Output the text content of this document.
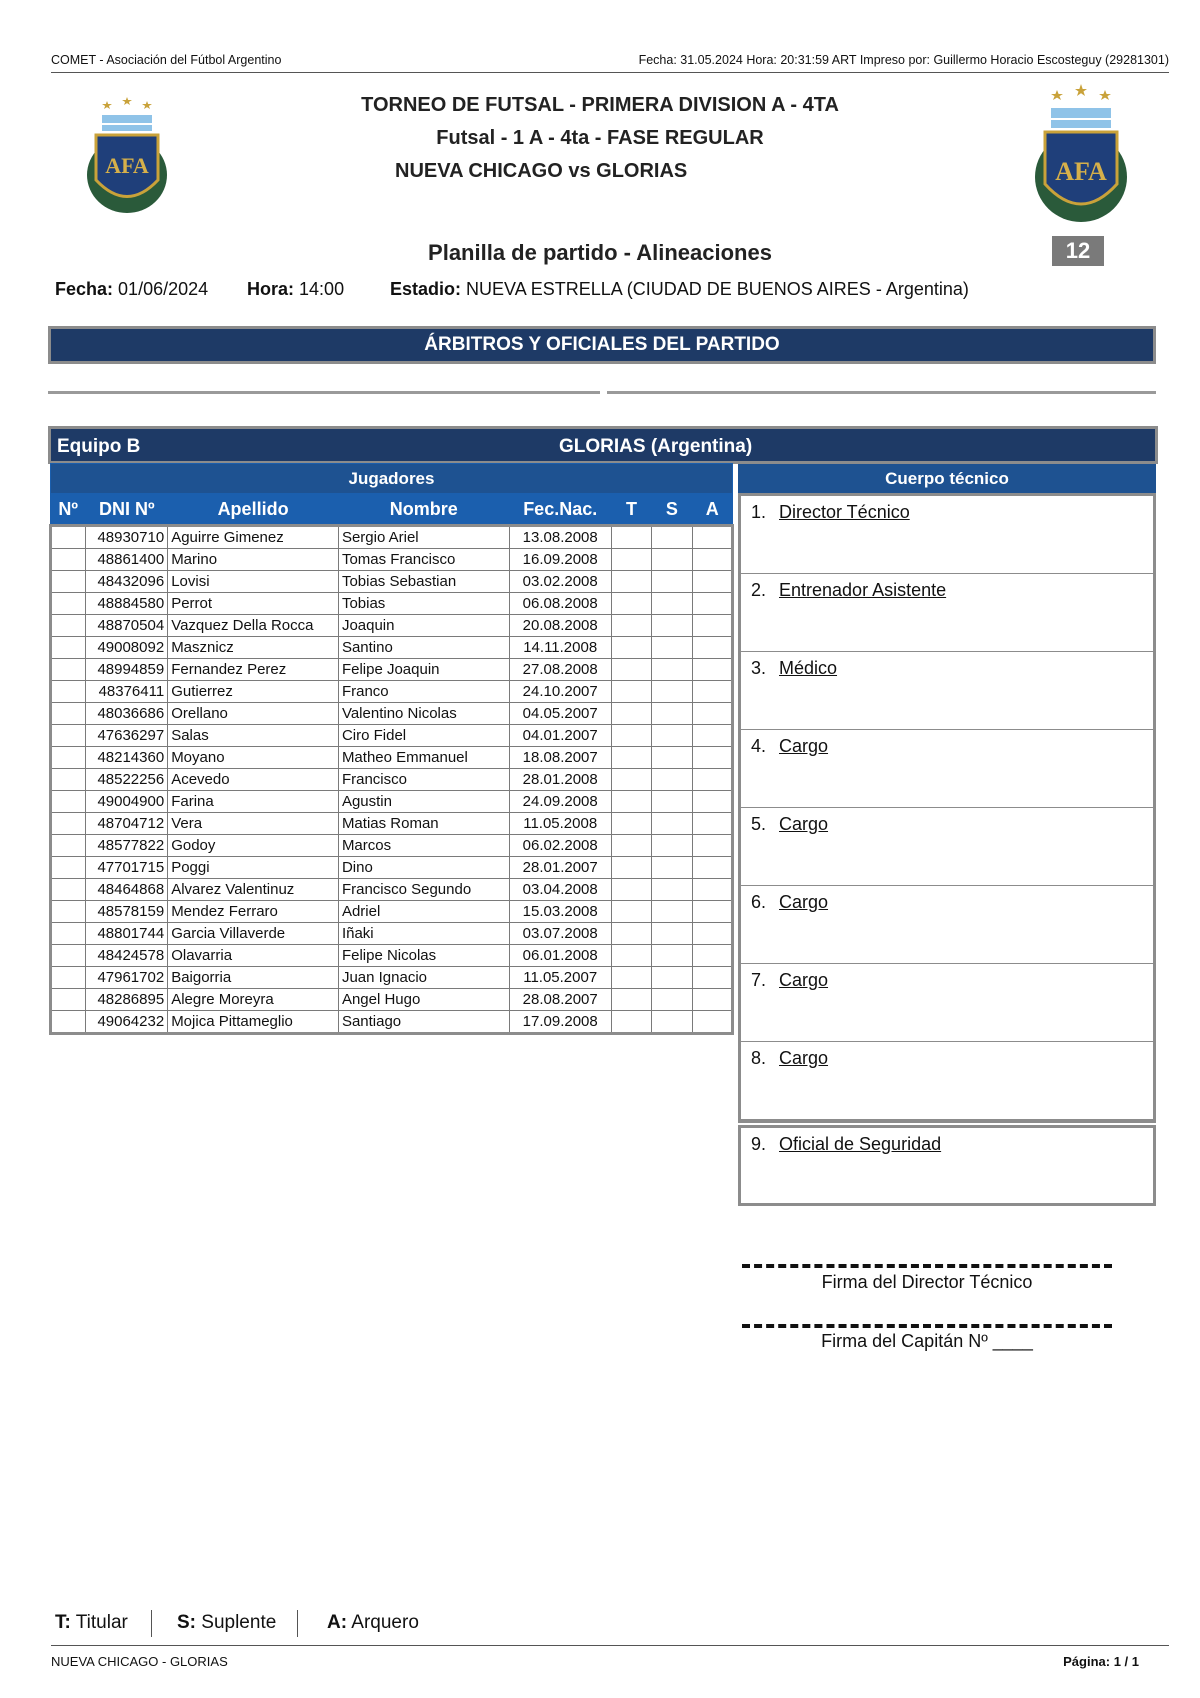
COMET - Asociación del Fútbol Argentino	Fecha: 31.05.2024 Hora: 20:31:59 ART Impreso por: Guillermo Horacio Escosteguy (29281301)
AFA	AFA
TORNEO DE FUTSAL - PRIMERA DIVISION A - 4TA
Futsal - 1 A - 4ta - FASE REGULAR
NUEVA CHICAGO vs GLORIAS
Planilla de partido - Alineaciones	12
Fecha: 01/06/2024 Hora: 14:00	Estadio: NUEVA ESTRELLA (CIUDAD DE BUENOS AIRES - Argentina)
ÁRBITROS Y OFICIALES DEL PARTIDO
Equipo B	GLORIAS (Argentina)
Jugadores							
Nº	DNI Nº	Apellido	Nombre	Fec.Nac.	T	S	A
	48930710	Aguirre Gimenez	Sergio Ariel	13.08.2008			
	48861400	Marino	Tomas Francisco	16.09.2008			
	48432096	Lovisi	Tobias Sebastian	03.02.2008			
	48884580	Perrot	Tobias	06.08.2008			
	48870504	Vazquez Della Rocca	Joaquin	20.08.2008			
	49008092	Masznicz	Santino	14.11.2008			
	48994859	Fernandez Perez	Felipe Joaquin	27.08.2008			
	48376411	Gutierrez	Franco	24.10.2007			
	48036686	Orellano	Valentino Nicolas	04.05.2007			
	47636297	Salas	Ciro Fidel	04.01.2007			
	48214360	Moyano	Matheo Emmanuel	18.08.2007			
	48522256	Acevedo	Francisco	28.01.2008			
	49004900	Farina	Agustin	24.09.2008			
	48704712	Vera	Matias Roman	11.05.2008			
	48577822	Godoy	Marcos	06.02.2008			
	47701715	Poggi	Dino	28.01.2007			
	48464868	Alvarez Valentinuz	Francisco Segundo	03.04.2008			
	48578159	Mendez Ferraro	Adriel	15.03.2008			
	48801744	Garcia Villaverde	Iñaki	03.07.2008			
	48424578	Olavarria	Felipe Nicolas	06.01.2008			
	47961702	Baigorria	Juan Ignacio	11.05.2007			
	48286895	Alegre Moreyra	Angel Hugo	28.08.2007			
	49064232	Mojica Pittameglio	Santiago	17.09.2008			
Cuerpo técnico
1. Director Técnico
2. Entrenador Asistente
3. Médico
4. Cargo
5. Cargo
6. Cargo
7. Cargo
8. Cargo
9. Oficial de Seguridad
Firma del Director Técnico
Firma del Capitán Nº ____
T: Titular	S: Suplente	A: Arquero
NUEVA CHICAGO - GLORIAS	Página: 1 / 1
